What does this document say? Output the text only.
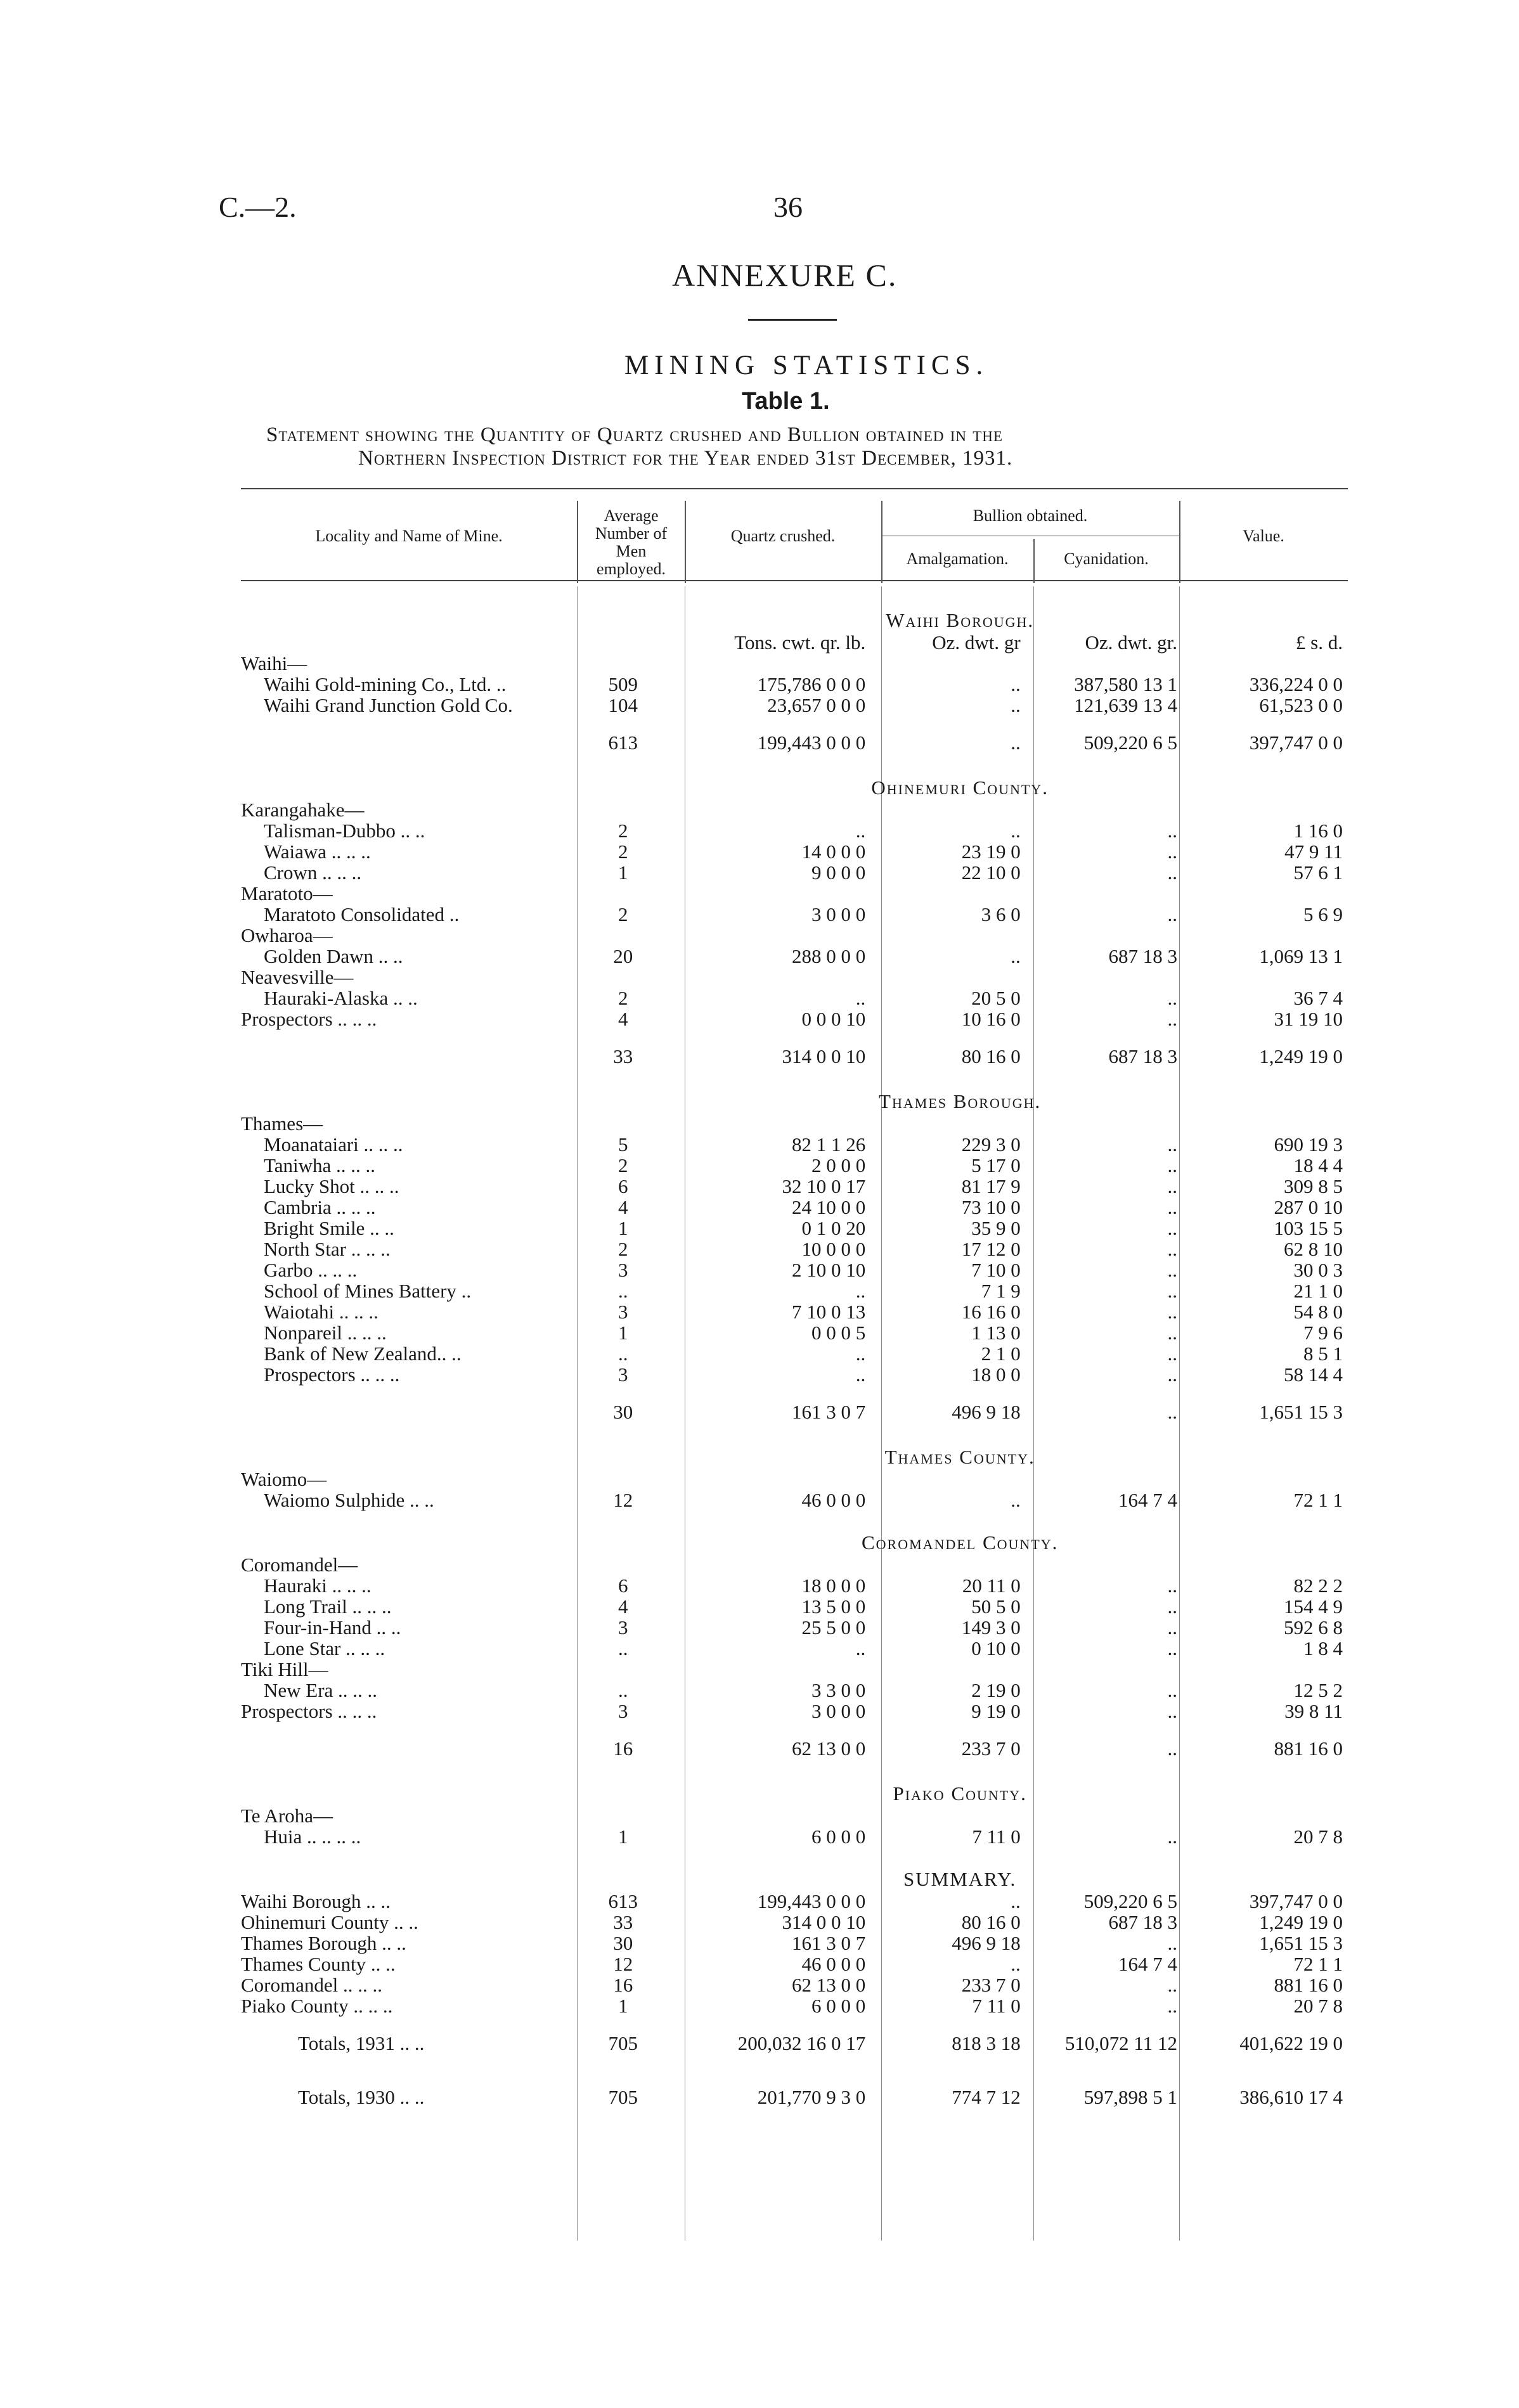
C.—2.	36
ANNEXURE C.
MINING STATISTICS.
Table 1.
Statement showing the Quantity of Quartz crushed and Bullion obtained in the
Northern Inspection District for the Year ended 31st December, 1931.
Locality and Name of Mine.
Average Number of Men employed.
Quartz crushed.
Bullion obtained.
Amalgamation.	Cyanidation.
Value.
	Waihi Borough.				
		Tons. cwt. qr. lb.	Oz. dwt. gr	Oz. dwt. gr.	£ s. d.
Waihi—					
Waihi Gold-mining Co., Ltd. ..	509	175,786 0 0 0	..	387,580 13 1	336,224 0 0
Waihi Grand Junction Gold Co.	104	23,657 0 0 0	..	121,639 13 4	61,523 0 0
	613	199,443 0 0 0	..	509,220 6 5	397,747 0 0
	Ohinemuri County.				
Karangahake—					
Talisman-Dubbo .. ..	2	..	..	..	1 16 0
Waiawa .. .. ..	2	14 0 0 0	23 19 0	..	47 9 11
Crown .. .. ..	1	9 0 0 0	22 10 0	..	57 6 1
Maratoto—					
Maratoto Consolidated ..	2	3 0 0 0	3 6 0	..	5 6 9
Owharoa—					
Golden Dawn .. ..	20	288 0 0 0	..	687 18 3	1,069 13 1
Neavesville—					
Hauraki-Alaska .. ..	2	..	20 5 0	..	36 7 4
Prospectors .. .. ..	4	0 0 0 10	10 16 0	..	31 19 10
	33	314 0 0 10	80 16 0	687 18 3	1,249 19 0
	Thames Borough.				
Thames—					
Moanataiari .. .. ..	5	82 1 1 26	229 3 0	..	690 19 3
Taniwha .. .. ..	2	2 0 0 0	5 17 0	..	18 4 4
Lucky Shot .. .. ..	6	32 10 0 17	81 17 9	..	309 8 5
Cambria .. .. ..	4	24 10 0 0	73 10 0	..	287 0 10
Bright Smile .. ..	1	0 1 0 20	35 9 0	..	103 15 5
North Star .. .. ..	2	10 0 0 0	17 12 0	..	62 8 10
Garbo .. .. ..	3	2 10 0 10	7 10 0	..	30 0 3
School of Mines Battery ..	..	..	7 1 9	..	21 1 0
Waiotahi .. .. ..	3	7 10 0 13	16 16 0	..	54 8 0
Nonpareil .. .. ..	1	0 0 0 5	1 13 0	..	7 9 6
Bank of New Zealand.. ..	..	..	2 1 0	..	8 5 1
Prospectors .. .. ..	3	..	18 0 0	..	58 14 4
	30	161 3 0 7	496 9 18	..	1,651 15 3
	Thames County.				
Waiomo—					
Waiomo Sulphide .. ..	12	46 0 0 0	..	164 7 4	72 1 1

	Coromandel County.				
Coromandel—					
Hauraki .. .. ..	6	18 0 0 0	20 11 0	..	82 2 2
Long Trail .. .. ..	4	13 5 0 0	50 5 0	..	154 4 9
Four-in-Hand .. ..	3	25 5 0 0	149 3 0	..	592 6 8
Lone Star .. .. ..	..	..	0 10 0	..	1 8 4
Tiki Hill—					
New Era .. .. ..	..	3 3 0 0	2 19 0	..	12 5 2
Prospectors .. .. ..	3	3 0 0 0	9 19 0	..	39 8 11
	16	62 13 0 0	233 7 0	..	881 16 0
	Piako County.				
Te Aroha—					
Huia .. .. .. ..	1	6 0 0 0	7 11 0	..	20 7 8

	SUMMARY.				
Waihi Borough .. ..	613	199,443 0 0 0	..	509,220 6 5	397,747 0 0
Ohinemuri County .. ..	33	314 0 0 10	80 16 0	687 18 3	1,249 19 0
Thames Borough .. ..	30	161 3 0 7	496 9 18	..	1,651 15 3
Thames County .. ..	12	46 0 0 0	..	164 7 4	72 1 1
Coromandel .. .. ..	16	62 13 0 0	233 7 0	..	881 16 0
Piako County .. .. ..	1	6 0 0 0	7 11 0	..	20 7 8
Totals, 1931 .. ..	705	200,032 16 0 17	818 3 18	510,072 11 12	401,622 19 0
Totals, 1930 .. ..	705	201,770 9 3 0	774 7 12	597,898 5 1	386,610 17 4
